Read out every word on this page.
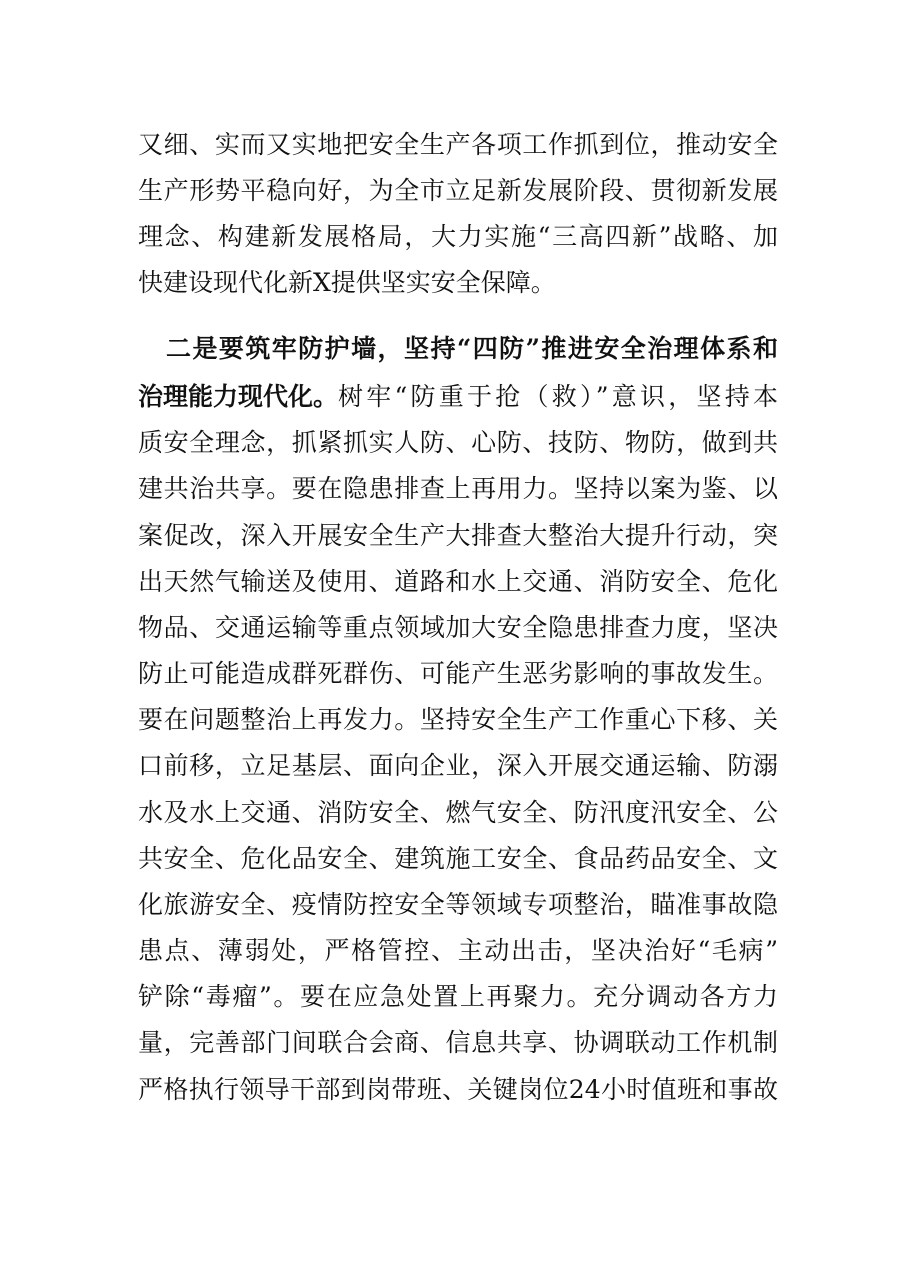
又细、实而又实地把安全生产各项工作抓到位，推动安全
生产形势平稳向好，为全市立足新发展阶段、贯彻新发展
理念、构建新发展格局，大力实施“三高四新”战略、加
快建设现代化新X提供坚实安全保障。
二是要筑牢防护墙，坚持“四防”推进安全治理体系和
治理能力现代化。 树牢“防重于抢（救）”意识，坚持本
质安全理念，抓紧抓实人防、心防、技防、物防，做到共
建共治共享。要在隐患排查上再用力。坚持以案为鉴、以
案促改，深入开展安全生产大排查大整治大提升行动，突
出天然气输送及使用、道路和水上交通、消防安全、危化
物品、交通运输等重点领域加大安全隐患排查力度，坚决
防止可能造成群死群伤、可能产生恶劣影响的事故发生。
要在问题整治上再发力。坚持安全生产工作重心下移、关
口前移，立足基层、面向企业，深入开展交通运输、防溺
水及水上交通、消防安全、燃气安全、防汛度汛安全、公
共安全、危化品安全、建筑施工安全、食品药品安全、文
化旅游安全、疫情防控安全等领域专项整治，瞄准事故隐
患点、薄弱处，严格管控、主动出击，坚决治好“毛病”
铲除“毒瘤”。要在应急处置上再聚力。充分调动各方力
量，完善部门间联合会商、信息共享、协调联动工作机制
严格执行领导干部到岗带班、关键岗位24小时值班和事故
